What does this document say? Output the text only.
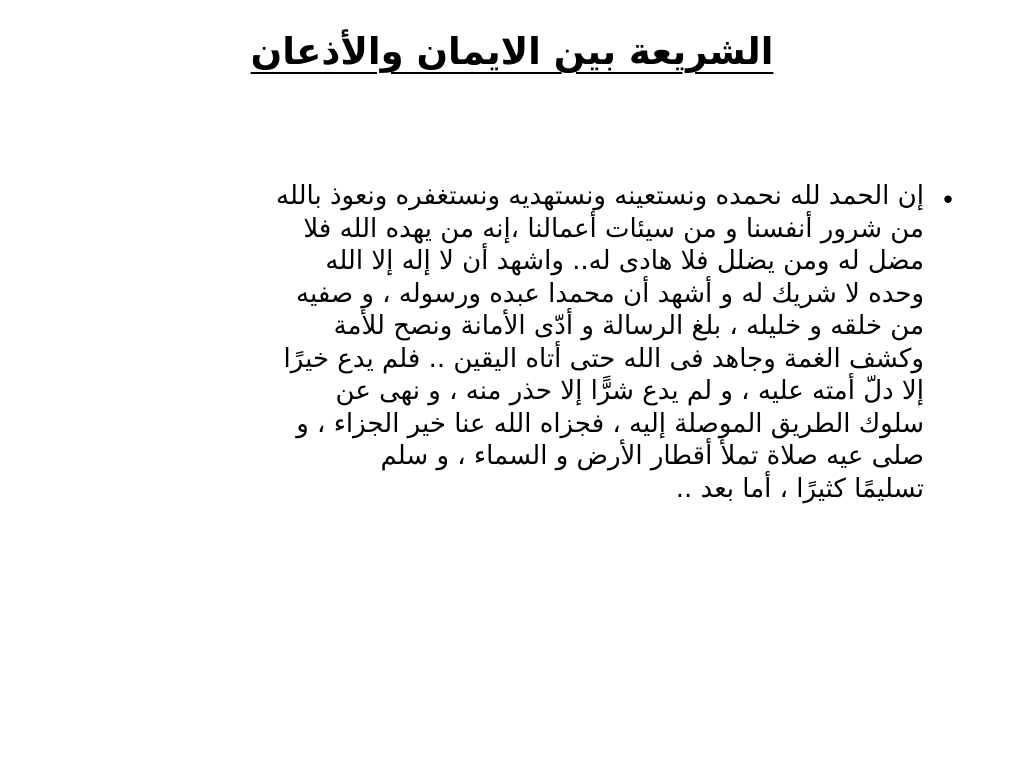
الشريعة بين الايمان والأذعان
•

إن الحمد لله نحمده ونستعينه ونستهديه ونستغفره ونعوذ بالله
من شرور أنفسنا و من سيئات أعمالنا ،إنه من يهده الله فلا
مضل له ومن يضلل فلا هادى له.. واشهد أن لا إله إلا الله
وحده لا شريك له و أشهد أن محمدا عبده ورسوله ، و صفيه
من خلقه و خليله ، بلغ الرسالة و أدّى الأمانة ونصح للأمة
وكشف الغمة وجاهد فى الله حتى أتاه اليقين .. فلم يدع خيرًا
إلا دلّ أمته عليه ، و لم يدع شرًّا إلا حذر منه ، و نهى عن
سلوك الطريق الموصلة إليه ، فجزاه الله عنا خير الجزاء ، و
صلى عيه صلاة تملأ أقطار الأرض و السماء ، و سلم
تسليمًا كثيرًا ، أما بعد ..
